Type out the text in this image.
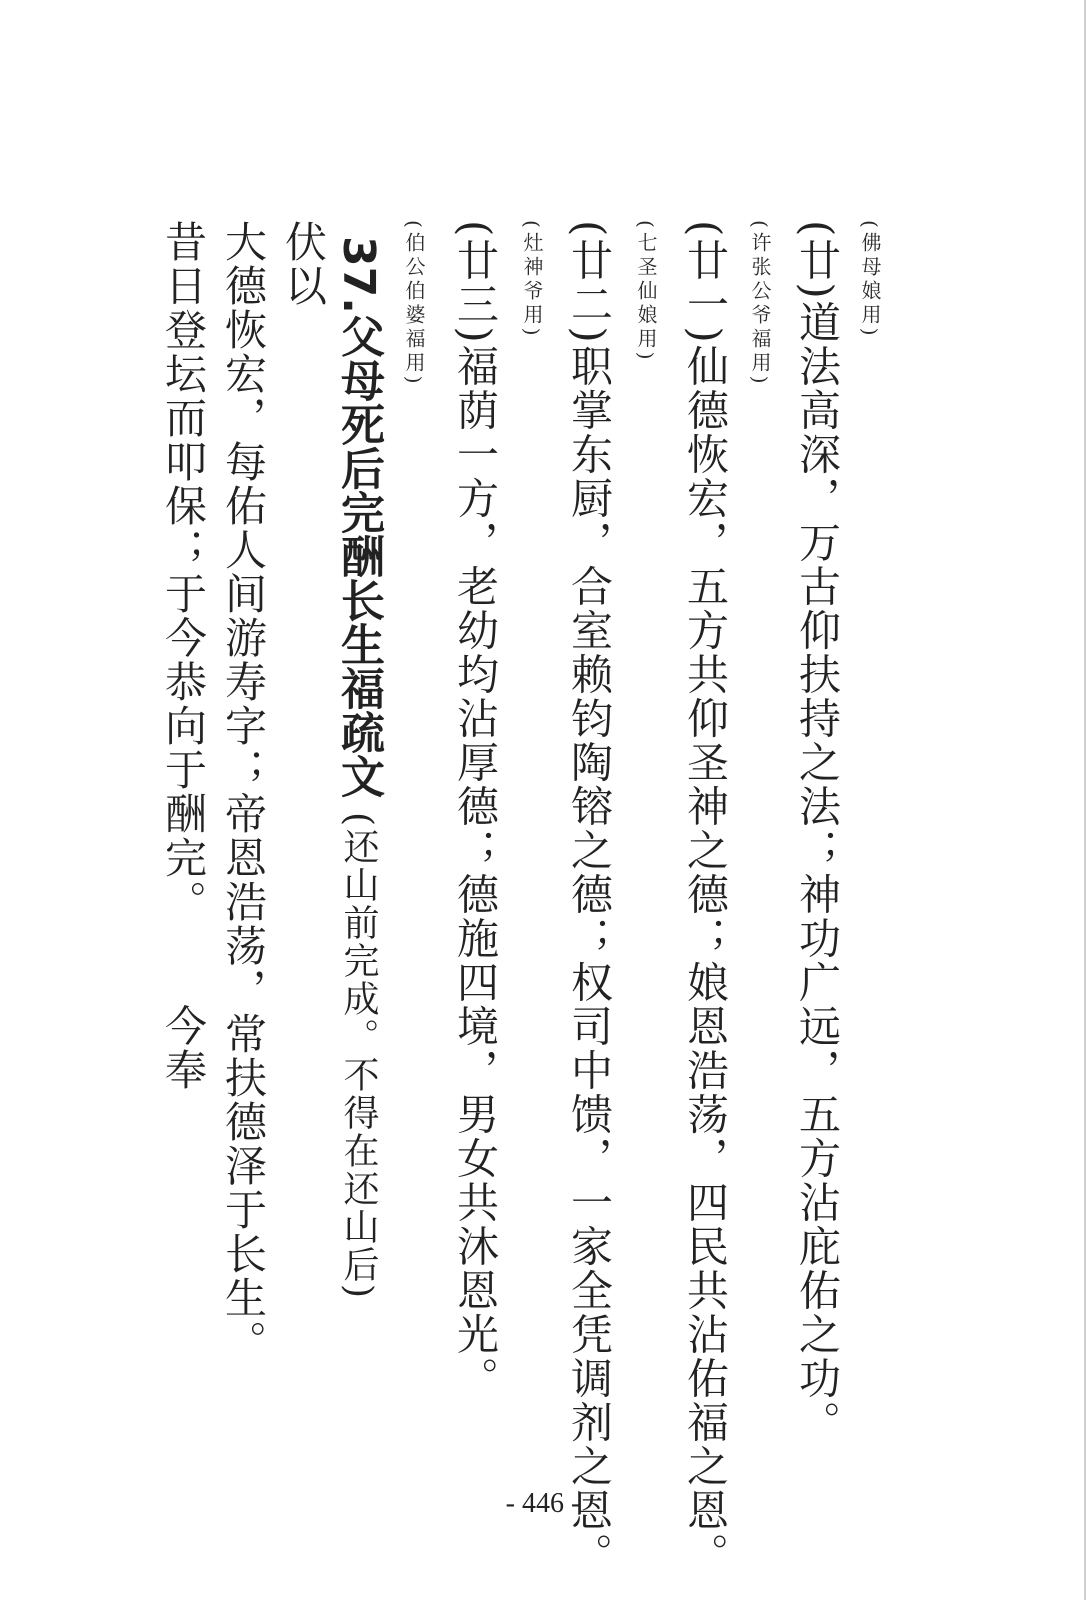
(佛母娘用)
(廿)道法高深，万古仰扶持之法；神功广远，五方沾庇佑之功。
(许张公爷福用)
(廿一)仙德恢宏，五方共仰圣神之德；娘恩浩荡，四民共沾佑福之恩。
(七圣仙娘用)
(廿二)职掌东厨，合室赖钧陶镕之德；权司中馈，一家全凭调剂之恩。
(灶神爷用)
(廿三)福荫一方，老幼均沾厚德；德施四境，男女共沐恩光。
(伯公伯婆福用)
37.父母死后完酬长生福疏文(还山前完成。不得在还山后)
伏以
大德恢宏，每佑人间游寿字；帝恩浩荡，常扶德泽于长生。
昔日登坛而叩保；于今恭向于酬完。今奉
- 446 -
